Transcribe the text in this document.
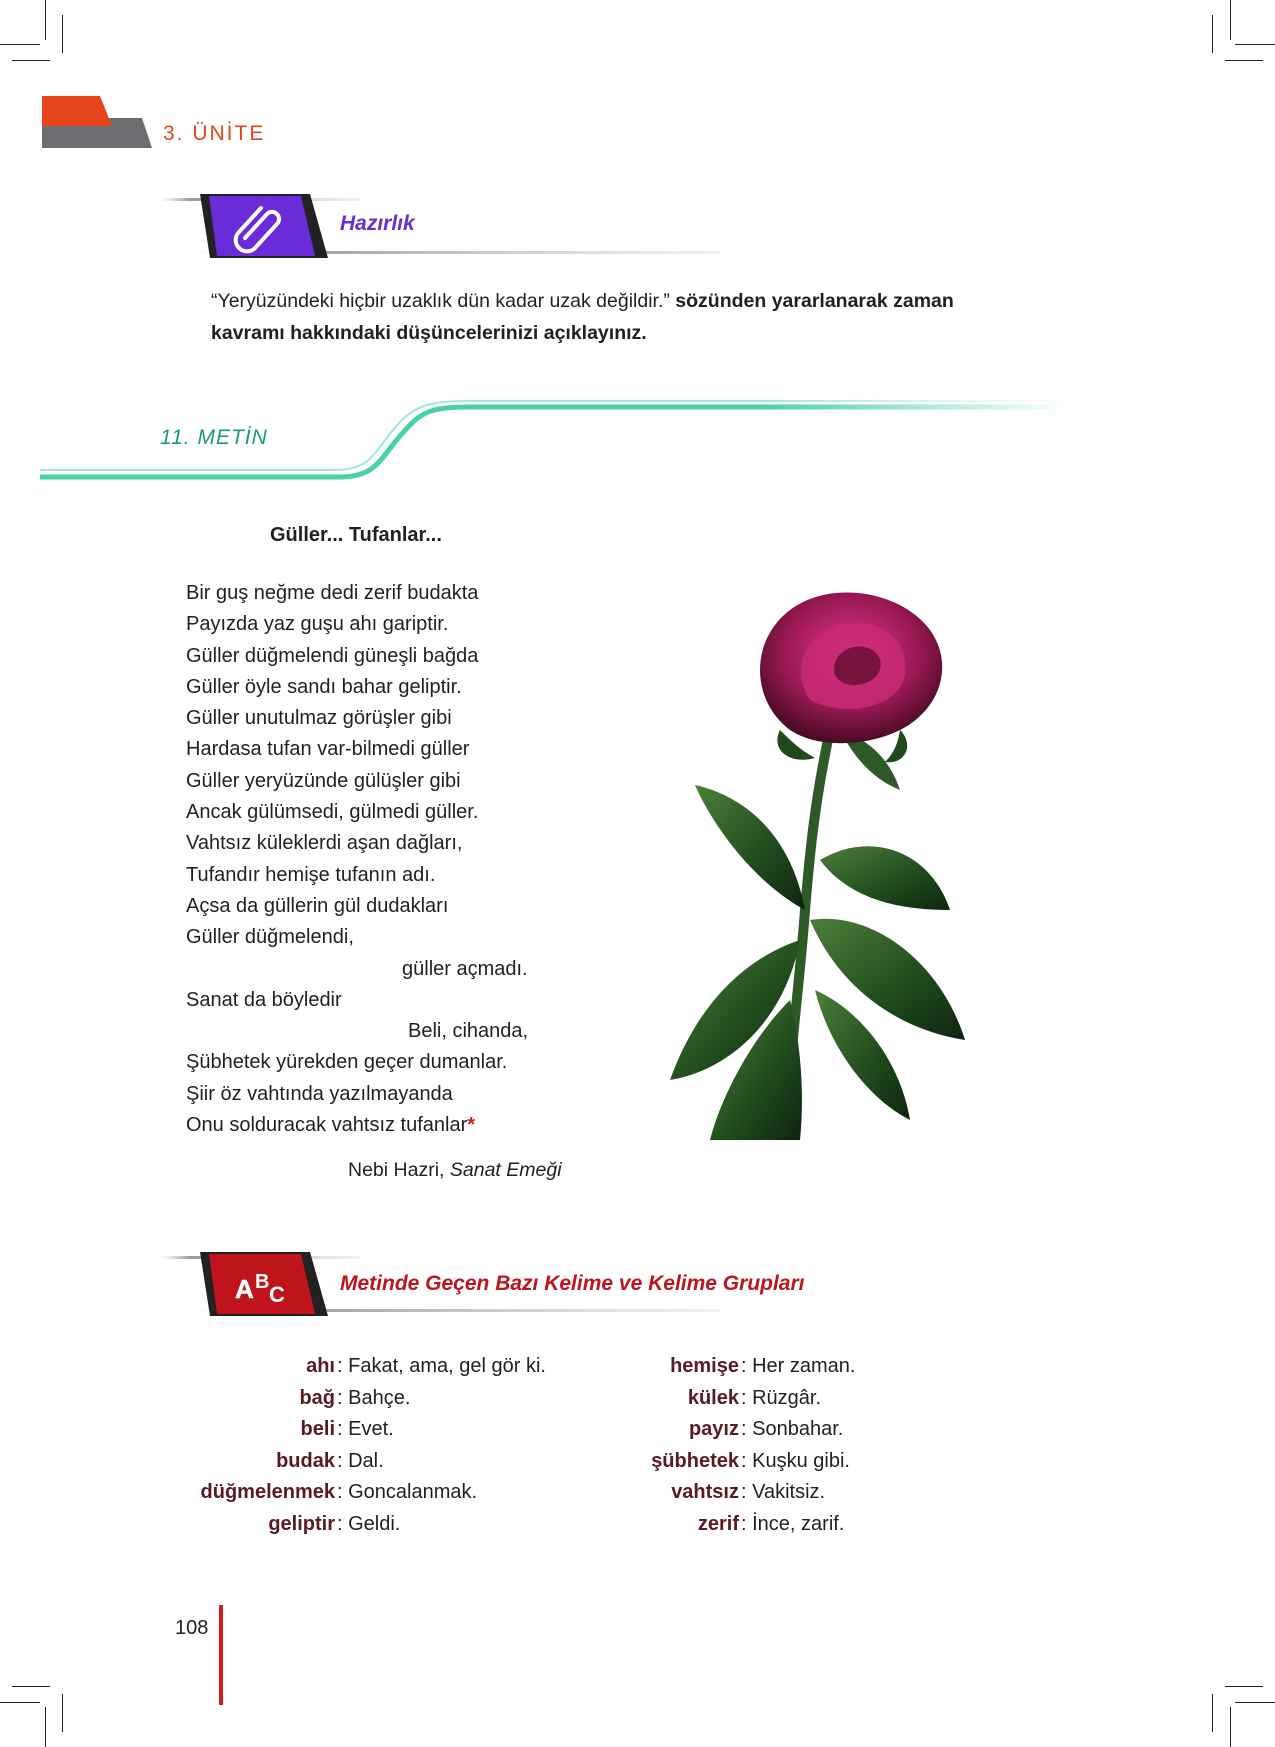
3. ÜNİTE
Hazırlık
“Yeryüzündeki hiçbir uzaklık dün kadar uzak değildir.” sözünden yararlanarak zaman
kavramı hakkındaki düşüncelerinizi açıklayınız.
11. METİN
Güller... Tufanlar...
Bir guş neğme dedi zerif budakta
Payızda yaz guşu ahı gariptir.
Güller düğmelendi güneşli bağda
Güller öyle sandı bahar geliptir.
Güller unutulmaz görüşler gibi
Hardasa tufan var-bilmedi güller
Güller yeryüzünde gülüşler gibi
Ancak gülümsedi, gülmedi güller.
Vahtsız küleklerdi aşan dağları,
Tufandır hemişe tufanın adı.
Açsa da güllerin gül dudakları
Güller düğmelendi,
güller açmadı.
Sanat da böyledir
Beli, cihanda,
Şübhetek yürekden geçer dumanlar.
Şiir öz vahtında yazılmayanda
Onu solduracak vahtsız tufanlar*
Nebi Hazri, Sanat Emeği
A B C	Metinde Geçen Bazı Kelime ve Kelime Grupları
ahı : Fakat, ama, gel gör ki.
bağ : Bahçe.
beli : Evet.
budak : Dal.
düğmelenmek : Goncalanmak.
geliptir : Geldi.
hemişe : Her zaman.
külek : Rüzgâr.
payız : Sonbahar.
şübhetek : Kuşku gibi.
vahtsız : Vakitsiz.
zerif : İnce, zarif.
108
